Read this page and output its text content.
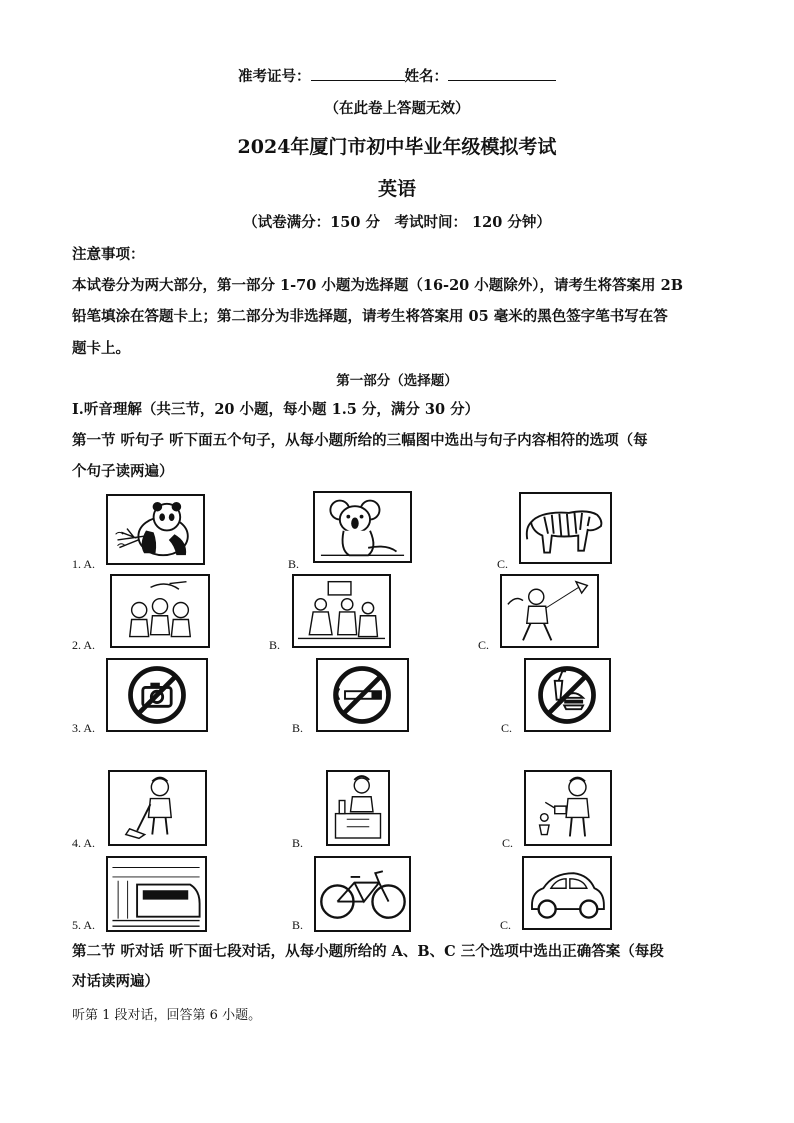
准考证号：	姓名：
（在此卷上答题无效）
2024年厦门市初中毕业年级模拟考试
英语
（试卷满分：150 分　考试时间： 120 分钟）
注意事项：
本试卷分为两大部分，第一部分 1-70 小题为选择题（16-20 小题除外），请考生将答案用 2B
铅笔填涂在答题卡上；第二部分为非选择题，请考生将答案用 05 毫米的黑色签字笔书写在答
题卡上。
第一部分（选择题）
I.听音理解（共三节，20 小题，每小题 1.5 分，满分 30 分）
第一节 听句子 听下面五个句子，从每小题所给的三幅图中选出与句子内容相符的选项（每
个句子读两遍）
1. A.	B.	C.
2. A.	B.	C.
3. A.	B.	C.
4. A.	B.	C.
5. A.	B.	C.
第二节 听对话 听下面七段对话，从每小题所给的 A、B、C 三个选项中选出正确答案（每段
对话读两遍）
听第 1 段对话，回答第 6 小题。
